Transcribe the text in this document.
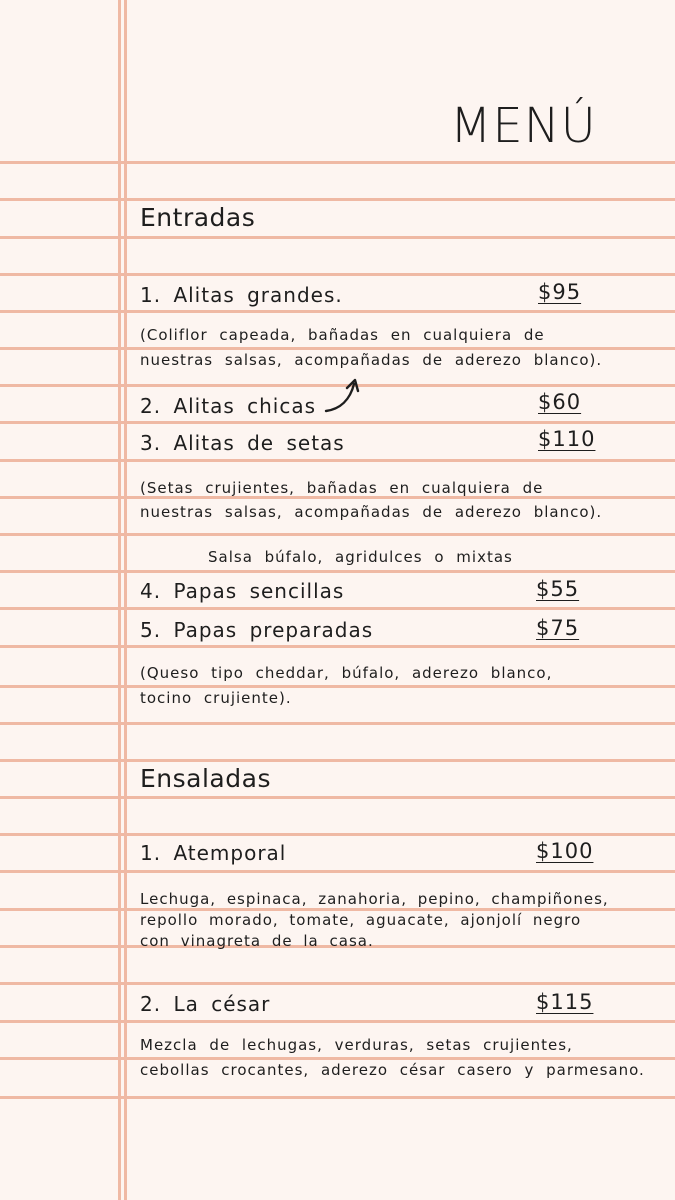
MENÚ
Entradas
1. Alitas grandes.	$95
(Coliflor capeada, bañadas en cualquiera de
nuestras salsas, acompañadas de aderezo blanco).
2. Alitas chicas	$60
3. Alitas de setas	$110
(Setas crujientes, bañadas en cualquiera de
nuestras salsas, acompañadas de aderezo blanco).
Salsa búfalo, agridulces o mixtas
4. Papas sencillas	$55
5. Papas preparadas	$75
(Queso tipo cheddar, búfalo, aderezo blanco,
tocino crujiente).
Ensaladas
1. Atemporal	$100
Lechuga, espinaca, zanahoria, pepino, champiñones,
repollo morado, tomate, aguacate, ajonjolí negro
con vinagreta de la casa.
2. La césar	$115
Mezcla de lechugas, verduras, setas crujientes,
cebollas crocantes, aderezo césar casero y parmesano.
